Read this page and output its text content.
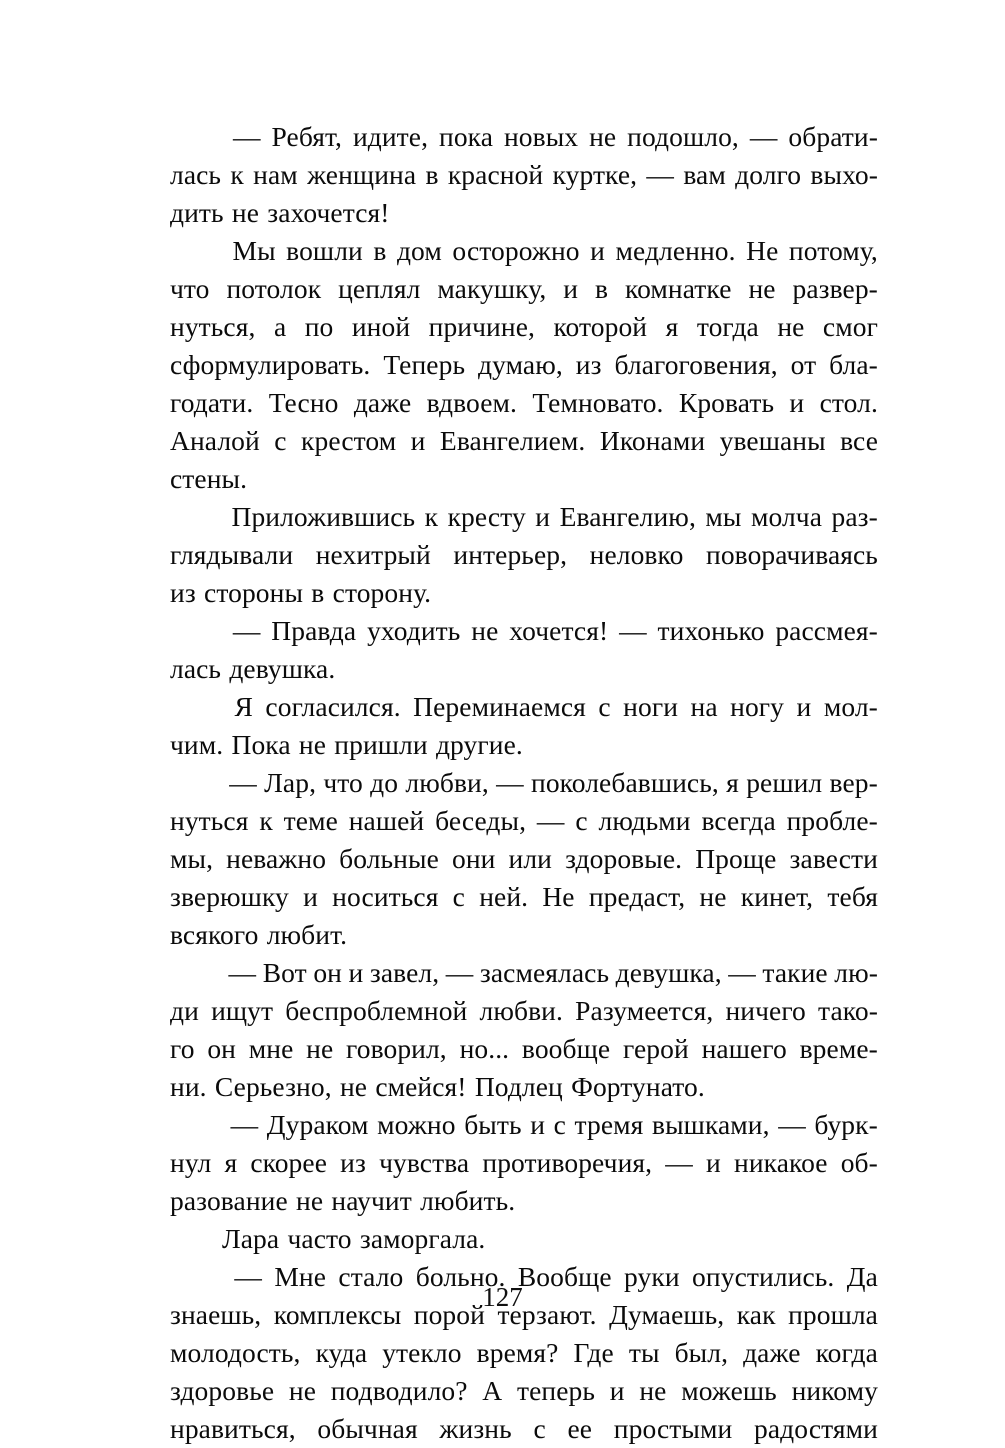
— Ребят, идите, пока новых не подошло, — обрати-
лась к нам женщина в красной куртке, — вам долго выхо-
дить не захочется!
Мы вошли в дом осторожно и медленно. Не потому,
что потолок цеплял макушку, и в комнатке не развер-
нуться, а по иной причине, которой я тогда не смог
сформулировать. Теперь думаю, из благоговения, от бла-
годати. Тесно даже вдвоем. Темновато. Кровать и стол.
Аналой с крестом и Евангелием. Иконами увешаны все
стены.
Приложившись к кресту и Евангелию, мы молча раз-
глядывали нехитрый интерьер, неловко поворачиваясь
из стороны в сторону.
— Правда уходить не хочется! — тихонько рассмея-
лась девушка.
Я согласился. Переминаемся с ноги на ногу и мол-
чим. Пока не пришли другие.
— Лар, что до любви, — поколебавшись, я решил вер-
нуться к теме нашей беседы, — с людьми всегда пробле-
мы, неважно больные они или здоровые. Проще завести
зверюшку и носиться с ней. Не предаст, не кинет, тебя
всякого любит.
— Вот он и завел, — засмеялась девушка, — такие лю-
ди ищут беспроблемной любви. Разумеется, ничего тако-
го он мне не говорил, но... вообще герой нашего време-
ни. Серьезно, не смейся! Подлец Фортунато.
— Дураком можно быть и с тремя вышками, — бурк-
нул я скорее из чувства противоречия, — и никакое об-
разование не научит любить.
Лара часто заморгала.
— Мне стало больно. Вообще руки опустились. Да
знаешь, комплексы порой терзают. Думаешь, как прошла
молодость, куда утекло время? Где ты был, даже когда
здоровье не подводило? А теперь и не можешь никому
нравиться, обычная жизнь с ее простыми радостями
127
